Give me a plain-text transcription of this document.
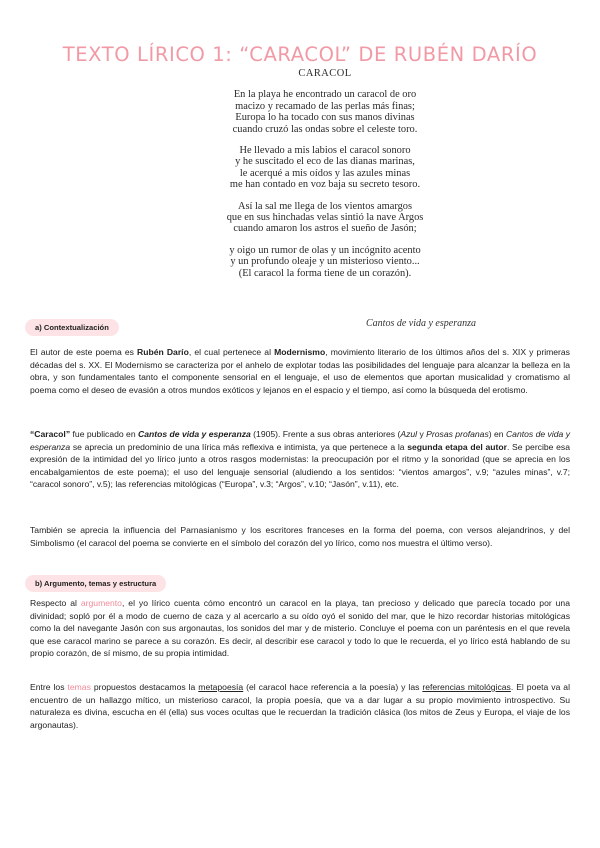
TEXTO LÍRICO 1: “CARACOL” DE RUBÉN DARÍO
CARACOL
En la playa he encontrado un caracol de oro
macizo y recamado de las perlas más finas;
Europa lo ha tocado con sus manos divinas
cuando cruzó las ondas sobre el celeste toro.
He llevado a mis labios el caracol sonoro
y he suscitado el eco de las dianas marinas,
le acerqué a mis oídos y las azules minas
me han contado en voz baja su secreto tesoro.
Así la sal me llega de los vientos amargos
que en sus hinchadas velas sintió la nave Argos
cuando amaron los astros el sueño de Jasón;
y oigo un rumor de olas y un incógnito acento
y un profundo oleaje y un misterioso viento...
(El caracol la forma tiene de un corazón).
Cantos de vida y esperanza
a) Contextualización

El autor de este poema es Rubén Darío, el cual pertenece al Modernismo, movimiento literario de los últimos años del s. XIX y primeras décadas del s. XX. El Modernismo se caracteriza por el anhelo de explotar todas las posibilidades del lenguaje para alcanzar la belleza en la obra, y son fundamentales tanto el componente sensorial en el lenguaje, el uso de elementos que aportan musicalidad y cromatismo al poema como el deseo de evasión a otros mundos exóticos y lejanos en el espacio y el tiempo, así como la búsqueda del erotismo.

“Caracol” fue publicado en Cantos de vida y esperanza (1905). Frente a sus obras anteriores (Azul y Prosas profanas) en Cantos de vida y esperanza se aprecia un predominio de una lírica más reflexiva e intimista, ya que pertenece a la segunda etapa del autor. Se percibe esa expresión de la intimidad del yo lírico junto a otros rasgos modernistas: la preocupación por el ritmo y la sonoridad (que se aprecia en los encabalgamientos de este poema); el uso del lenguaje sensorial (aludiendo a los sentidos: “vientos amargos”, v.9; “azules minas”, v.7; “caracol sonoro”, v.5); las referencias mitológicas (“Europa”, v.3; “Argos”, v.10; “Jasón”, v.11), etc.

También se aprecia la influencia del Parnasianismo y los escritores franceses en la forma del poema, con versos alejandrinos, y del Simbolismo (el caracol del poema se convierte en el símbolo del corazón del yo lírico, como nos muestra el último verso).

b) Argumento, temas y estructura

Respecto al argumento, el yo lírico cuenta cómo encontró un caracol en la playa, tan precioso y delicado que parecía tocado por una divinidad; sopló por él a modo de cuerno de caza y al acercarlo a su oído oyó el sonido del mar, que le hizo recordar historias mitológicas como la del navegante Jasón con sus argonautas, los sonidos del mar y de misterio. Concluye el poema con un paréntesis en el que revela que ese caracol marino se parece a su corazón. Es decir, al describir ese caracol y todo lo que le recuerda, el yo lírico está hablando de su propio corazón, de sí mismo, de su propia intimidad.

Entre los temas propuestos destacamos la metapoesía (el caracol hace referencia a la poesía) y las referencias mitológicas. El poeta va al encuentro de un hallazgo mítico, un misterioso caracol, la propia poesía, que va a dar lugar a su propio movimiento introspectivo. Su naturaleza es divina, escucha en él (ella) sus voces ocultas que le recuerdan la tradición clásica (los mitos de Zeus y Europa, el viaje de los argonautas).
